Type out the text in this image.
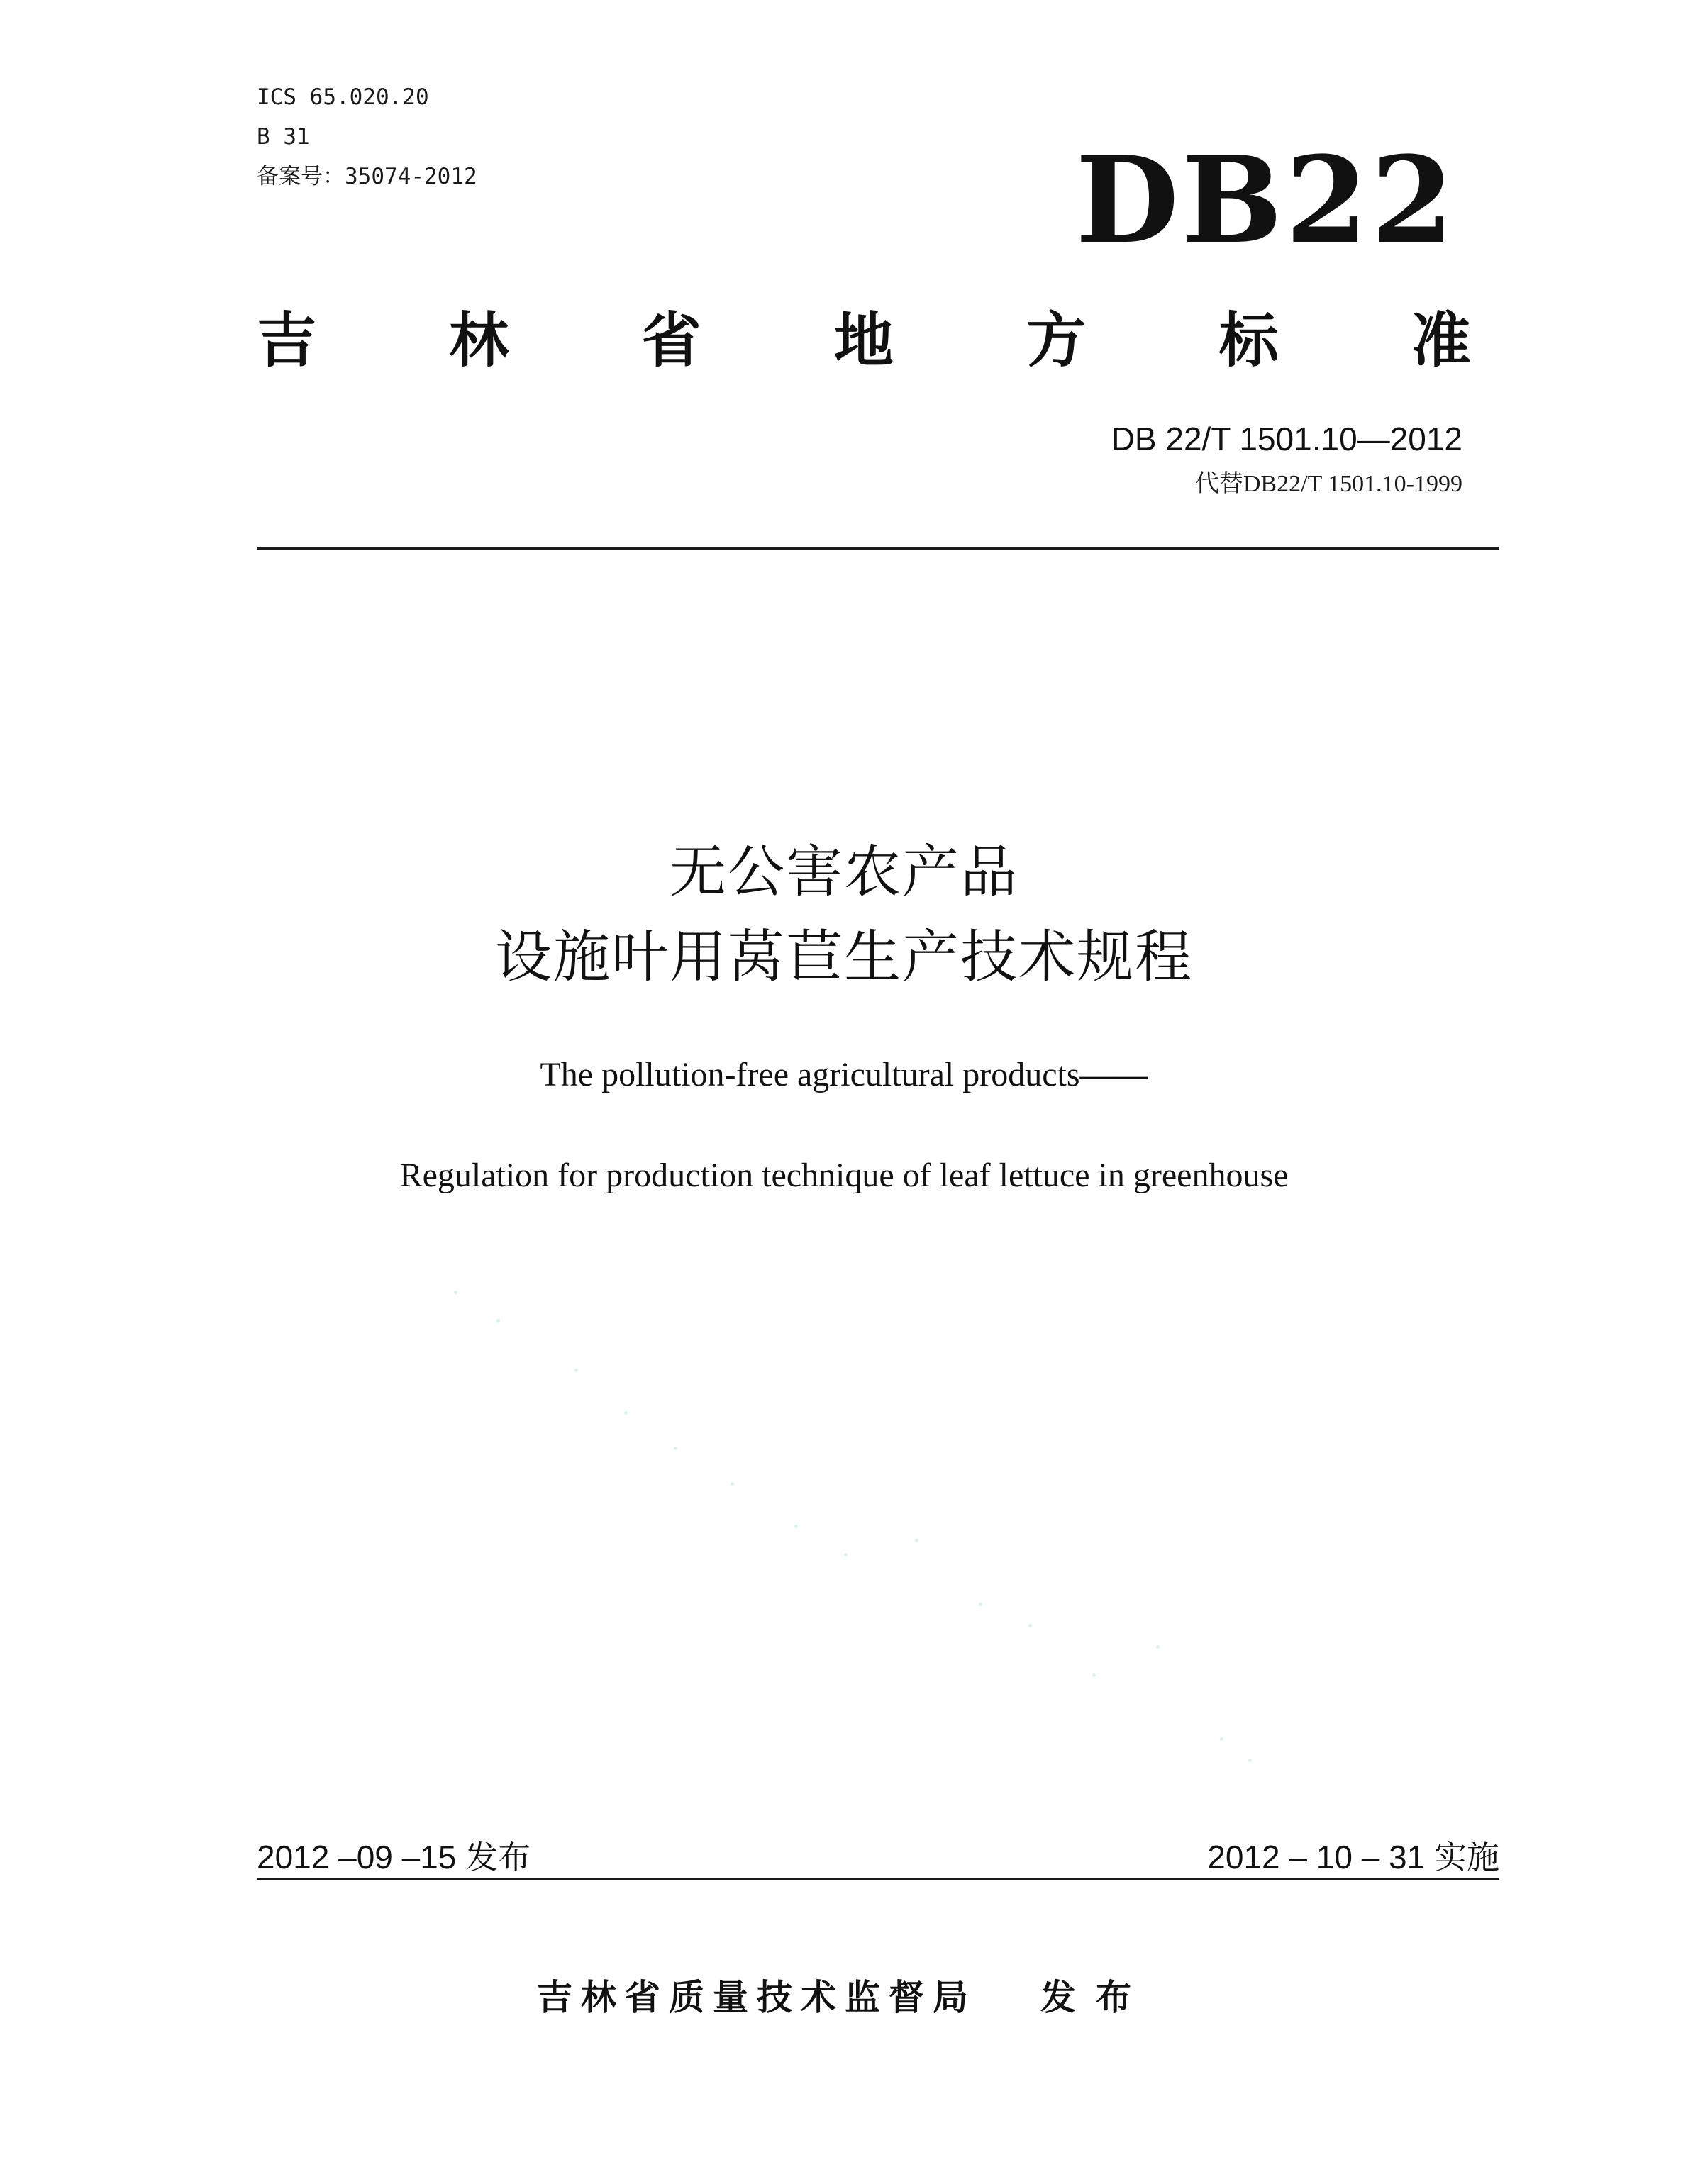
ICS 65.020.20
B 31
备案号：35074-2012	DB22
吉 林 省 地 方 标 准
DB 22/T 1501.10—2012
代替DB22/T 1501.10-1999
无公害农产品
设施叶用莴苣生产技术规程
The pollution-free agricultural products——
Regulation for production technique of leaf lettuce in greenhouse
2012 –09 –15 发布	2012 – 10 – 31 实施
吉林省质量技术监督局 发布
